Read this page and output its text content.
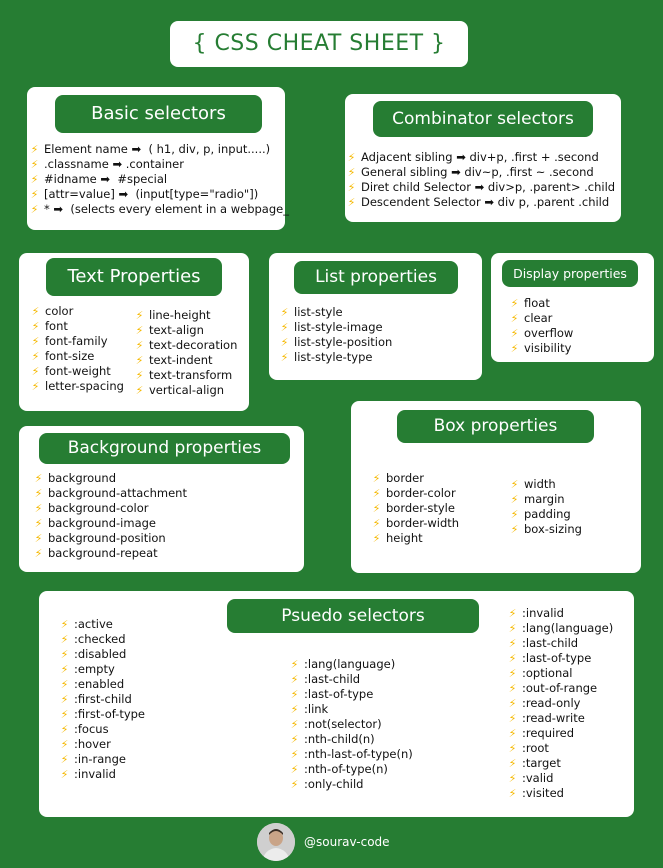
{ CSS CHEAT SHEET }
Basic selectors
⚡ Element name
➡
( h1, div, p, input.....)
⚡ .classname
➡
.container
⚡ #idname
➡
#special
⚡ [attr=value]
➡
(input[type="radio"])
⚡ *
➡
(selects every element in a webpage_
Combinator selectors
⚡ Adjacent sibling
➡
div+p, .first + .second
⚡ General sibling
➡
div~p, .first ~ .second
⚡ Diret child Selector
➡
div>p, .parent> .child
⚡ Descendent Selector
➡
div p, .parent .child
Text Properties
⚡ color
⚡ font
⚡ font-family
⚡ font-size
⚡ font-weight
⚡ letter-spacing
⚡ line-height
⚡ text-align
⚡ text-decoration
⚡ text-indent
⚡ text-transform
⚡ vertical-align
List properties
⚡ list-style
⚡ list-style-image
⚡ list-style-position
⚡ list-style-type
Display properties
⚡ float
⚡ clear
⚡ overflow
⚡ visibility
Box properties
⚡ border
⚡ border-color
⚡ border-style
⚡ border-width
⚡ height
⚡ width
⚡ margin
⚡ padding
⚡ box-sizing
Background properties
⚡ background
⚡ background-attachment
⚡ background-color
⚡ background-image
⚡ background-position
⚡ background-repeat
Psuedo selectors
⚡ :active
⚡ :checked
⚡ :disabled
⚡ :empty
⚡ :enabled
⚡ :first-child
⚡ :first-of-type
⚡ :focus
⚡ :hover
⚡ :in-range
⚡ :invalid
⚡ :lang(language)
⚡ :last-child
⚡ :last-of-type
⚡ :link
⚡ :not(selector)
⚡ :nth-child(n)
⚡ :nth-last-of-type(n)
⚡ :nth-of-type(n)
⚡ :only-child
⚡ :invalid
⚡ :lang(language)
⚡ :last-child
⚡ :last-of-type
⚡ :optional
⚡ :out-of-range
⚡ :read-only
⚡ :read-write
⚡ :required
⚡ :root
⚡ :target
⚡ :valid
⚡ :visited
@sourav-code
